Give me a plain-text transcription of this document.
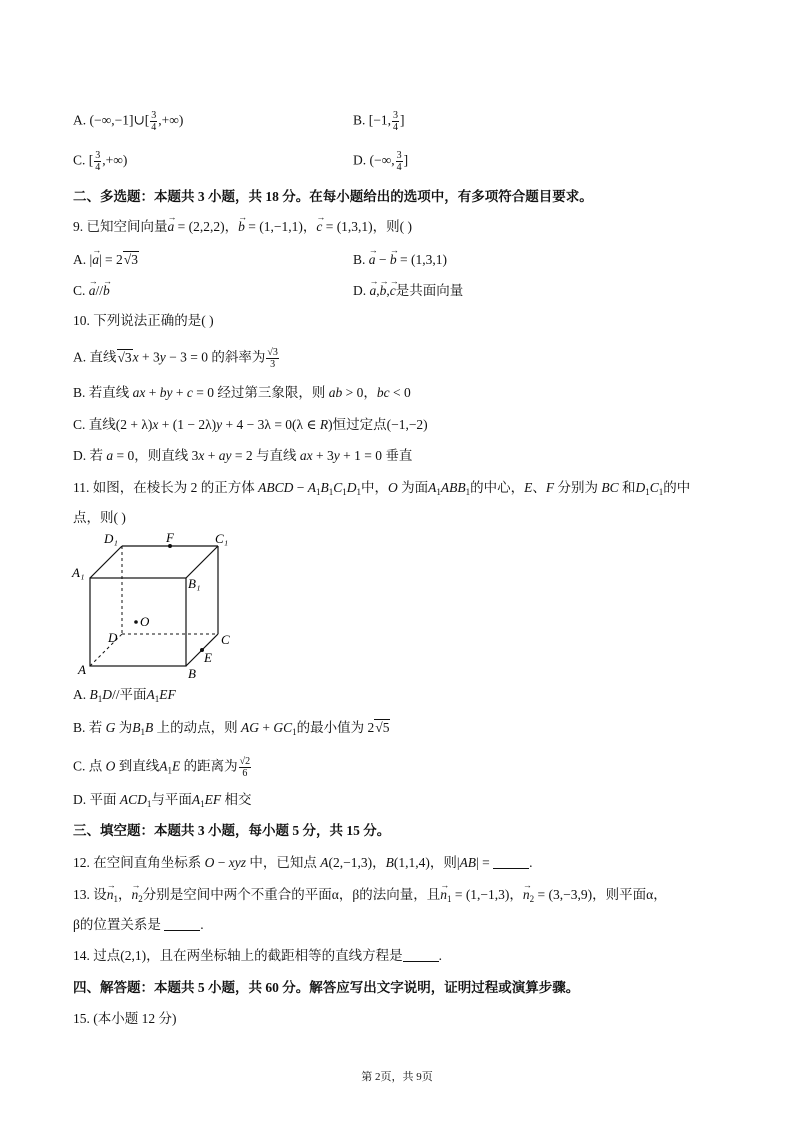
A. (−∞,−1]∪[ $\frac{3}{4}$ ,+∞)	B. [−1, $\frac{3}{4}$ ]
C. [ $\frac{3}{4}$ ,+∞)	D. (−∞, $\frac{3}{4}$ ]
二、多选题：本题共 3 小题，共 18 分。在每小题给出的选项中，有多项符合题目要求。
9. 已知空间向量→ a = (2,2,2)，→ b = (1,−1,1)，→ c = (1,3,1)，则( )
A. |→ a| = 2√3	B. → a − → b = (1,3,1)
C. → a//→ b	D. → a,→ b,→ c是共面向量
10. 下列说法正确的是( )
A. 直线√3x + 3y − 3 = 0 的斜率为 $\frac{√3}{3}$
B. 若直线 ax + by + c = 0 经过第三象限，则 ab > 0，bc < 0
C. 直线(2 + λ)x + (1 − 2λ)y + 4 − 3λ = 0(λ ∈ R)恒过定点(−1,−2)
D. 若 a = 0，则直线 3x + ay = 2 与直线 ax + 3y + 1 = 0 垂直
11. 如图，在棱长为 2 的正方体 ABCD − $A_1B_1C_1D_1$中，O 为面$A_1ABB_1$的中心，E、F 分别为 BC 和$D_1C_1$的中
点，则( )
D₁	F	C₁
A₁
B₁
O
D	C
A	B
E
A. $B_1D//$平面$A_1EF$
B. 若 G 为$B_1B$ 上的动点，则 AG + $GC_1$的最小值为 2√5
C. 点 O 到直线$A_1E$ 的距离为 $\frac{√2}{6}$
D. 平面 $ACD_1$与平面$A_1EF$ 相交
三、填空题：本题共 3 小题，每小题 5 分，共 15 分。
12. 在空间直角坐标系 O − xyz 中，已知点 A(2,−1,3)，B(1,1,4)，则|AB| =	.
13. 设→ $n_1$，→ $n_2$分别是空间中两个不重合的平面α，β的法向量，且→ $n_1 = (1,-1,3)$，→ $n_2 = (3,-3,9)$，则平面α，
β的位置关系是	.
14. 过点(2,1)，且在两坐标轴上的截距相等的直线方程是	.
四、解答题：本题共 5 小题，共 60 分。解答应写出文字说明，证明过程或演算步骤。
15. (本小题 12 分)
第 2页，共 9页
